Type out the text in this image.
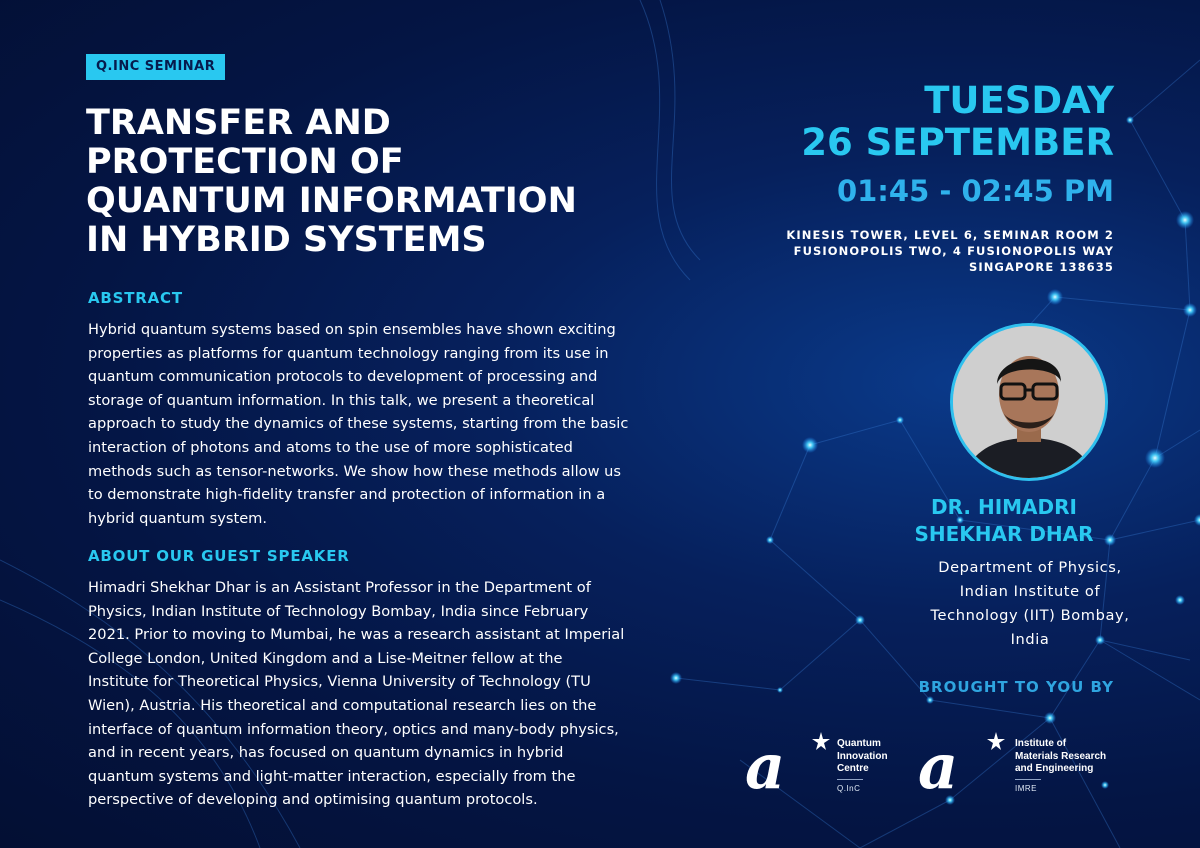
Q.INC SEMINAR
TRANSFER AND
PROTECTION OF
QUANTUM INFORMATION
IN HYBRID SYSTEMS
ABSTRACT
Hybrid quantum systems based on spin ensembles have shown exciting
properties as platforms for quantum technology ranging from its use in
quantum communication protocols to development of processing and
storage of quantum information. In this talk, we present a theoretical
approach to study the dynamics of these systems, starting from the basic
interaction of photons and atoms to the use of more sophisticated
methods such as tensor-networks. We show how these methods allow us
to demonstrate high-fidelity transfer and protection of information in a
hybrid quantum system.
ABOUT OUR GUEST SPEAKER
Himadri Shekhar Dhar is an Assistant Professor in the Department of
Physics, Indian Institute of Technology Bombay, India since February
2021. Prior to moving to Mumbai, he was a research assistant at Imperial
College London, United Kingdom and a Lise-Meitner fellow at the
Institute for Theoretical Physics, Vienna University of Technology (TU
Wien), Austria. His theoretical and computational research lies on the
interface of quantum information theory, optics and many-body physics,
and in recent years, has focused on quantum dynamics in hybrid
quantum systems and light-matter interaction, especially from the
perspective of developing and optimising quantum protocols.
TUESDAY
26 SEPTEMBER
01:45 - 02:45 PM
KINESIS TOWER, LEVEL 6, SEMINAR ROOM 2
FUSIONOPOLIS TWO, 4 FUSIONOPOLIS WAY
SINGAPORE 138635
DR. HIMADRI
SHEKHAR DHAR
Department of Physics,
Indian Institute of
Technology (IIT) Bombay,
India
BROUGHT TO YOU BY
a	Quantum
Innovation
Centre
Q.InC a	Institute of
Materials Research
and Engineering
IMRE
